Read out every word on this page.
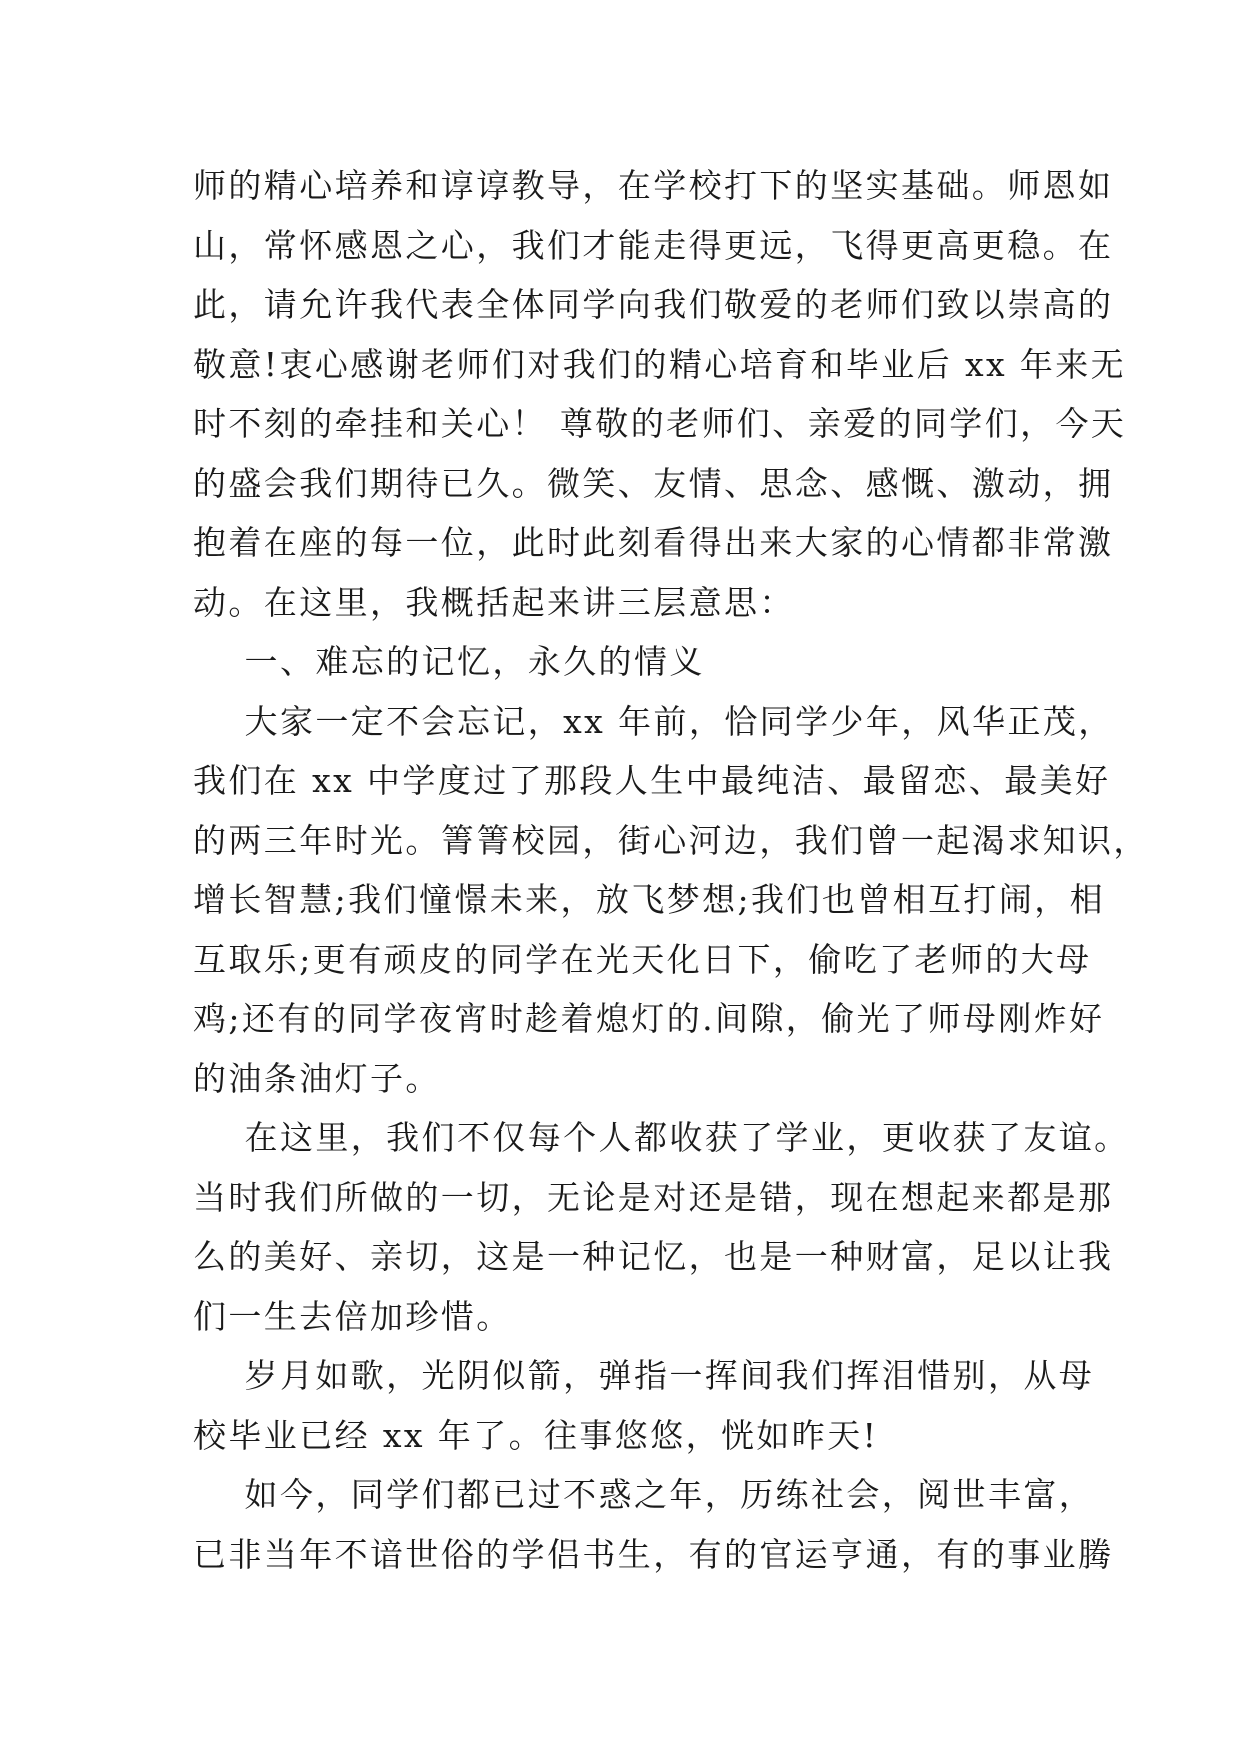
师的精心培养和谆谆教导，在学校打下的坚实基础。师恩如
山，常怀感恩之心，我们才能走得更远，飞得更高更稳。在
此，请允许我代表全体同学向我们敬爱的老师们致以崇高的
敬意!衷心感谢老师们对我们的精心培育和毕业后 xx 年来无
时不刻的牵挂和关心！ 尊敬的老师们、亲爱的同学们，今天
的盛会我们期待已久。微笑、友情、思念、感慨、激动，拥
抱着在座的每一位，此时此刻看得出来大家的心情都非常激
动。在这里，我概括起来讲三层意思：
一、难忘的记忆，永久的情义
大家一定不会忘记，xx 年前，恰同学少年，风华正茂，
我们在 xx 中学度过了那段人生中最纯洁、最留恋、最美好
的两三年时光。箐箐校园，街心河边，我们曾一起渴求知识，
增长智慧;我们憧憬未来，放飞梦想;我们也曾相互打闹，相
互取乐;更有顽皮的同学在光天化日下，偷吃了老师的大母
鸡;还有的同学夜宵时趁着熄灯的.间隙，偷光了师母刚炸好
的油条油灯子。
在这里，我们不仅每个人都收获了学业，更收获了友谊。
当时我们所做的一切，无论是对还是错，现在想起来都是那
么的美好、亲切，这是一种记忆，也是一种财富，足以让我
们一生去倍加珍惜。
岁月如歌，光阴似箭，弹指一挥间我们挥泪惜别，从母
校毕业已经 xx 年了。往事悠悠，恍如昨天!
如今，同学们都已过不惑之年，历练社会，阅世丰富，
已非当年不谙世俗的学侣书生，有的官运亨通，有的事业腾
